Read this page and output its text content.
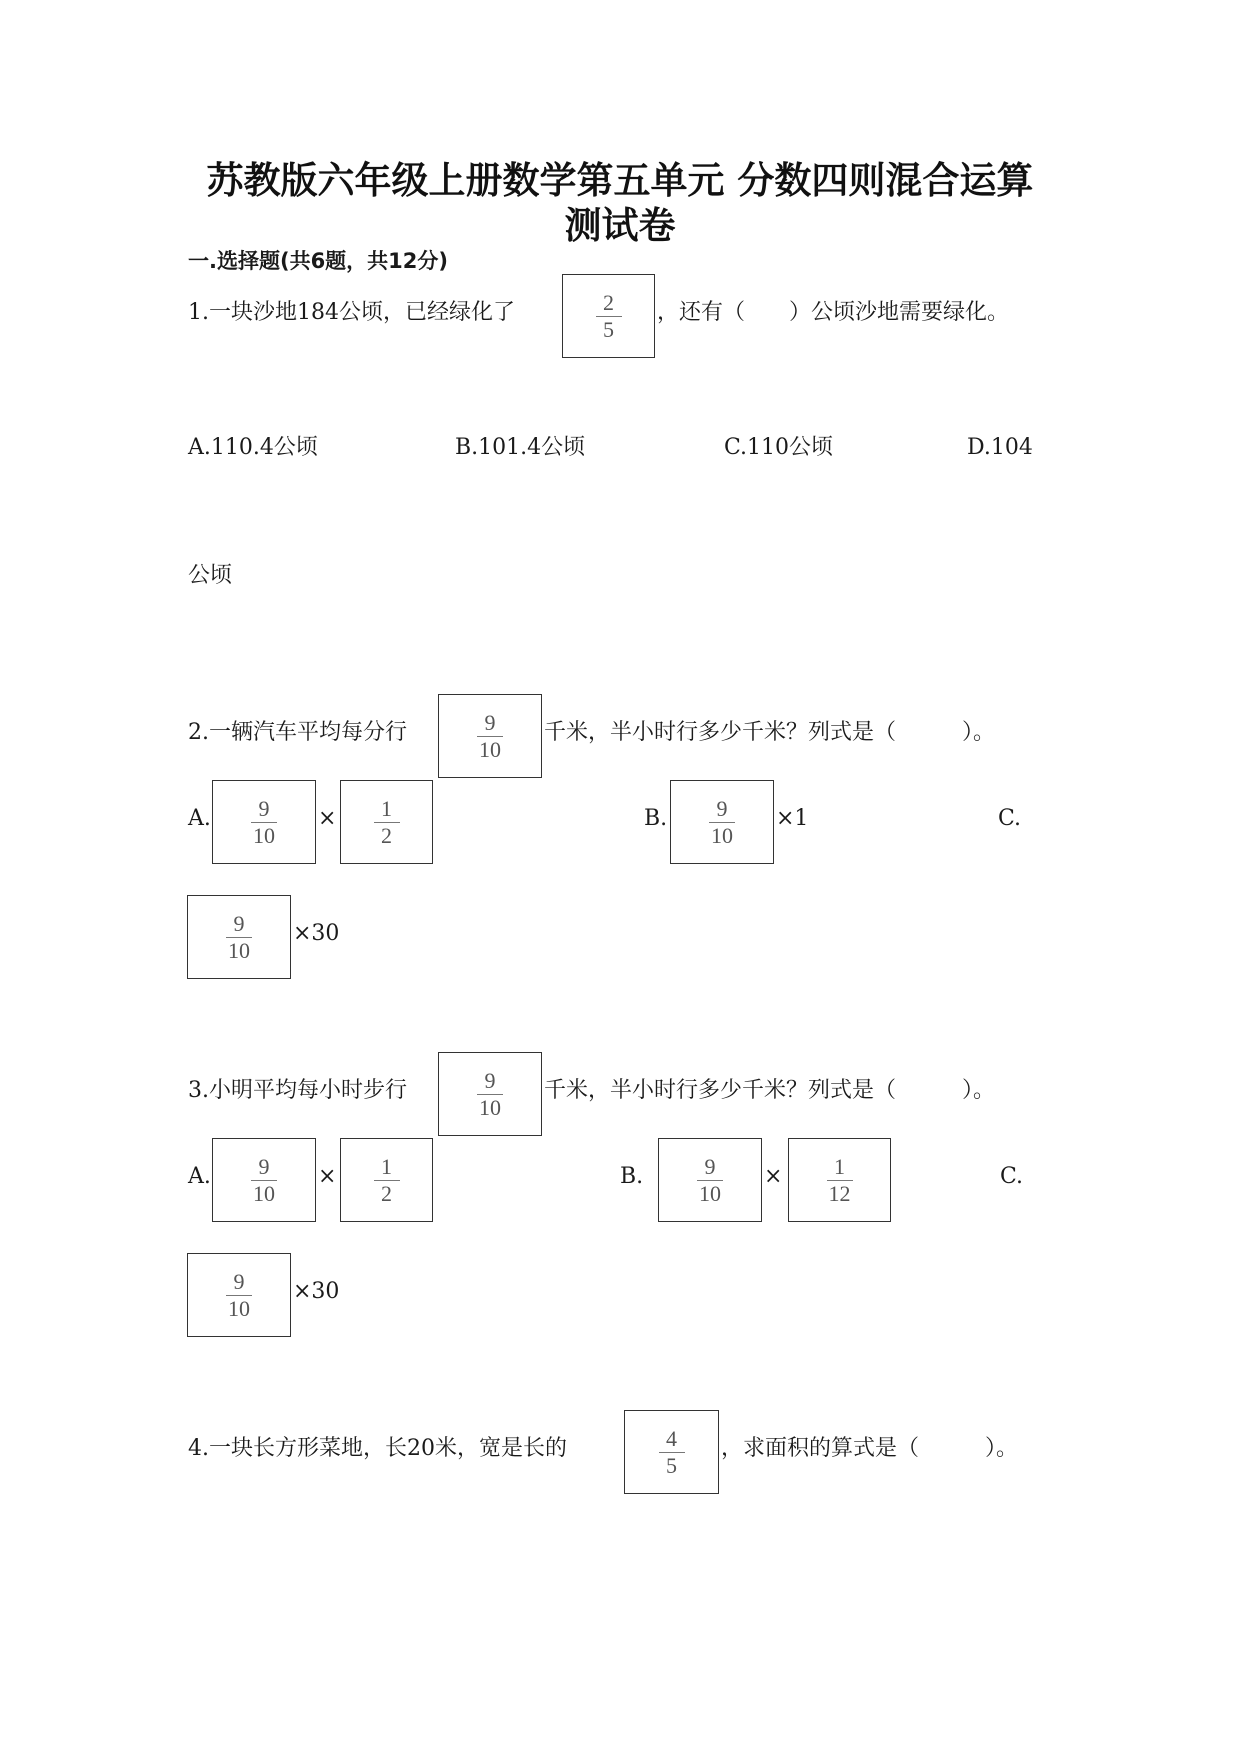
苏教版六年级上册数学第五单元 分数四则混合运算
测试卷
一.选择题(共6题，共12分)
1.一块沙地184公顷，已经绿化了	2
5
，还有（　　）公顷沙地需要绿化。
A.110.4公顷	B.101.4公顷	C.110公顷	D.104
公顷
2.一辆汽车平均每分行	9
10
千米，半小时行多少千米？列式是（　　　）。
A. 9
10
× 1
2
B. 9
10
×1	C.
9
10
×30
3.小明平均每小时步行	9
10
千米，半小时行多少千米？列式是（　　　）。
A. 9
10
× 1
2
B.	9
10
× 1
12
C.
9
10
×30
4.一块长方形菜地，长20米，宽是长的	4
5
，求面积的算式是（　　　）。
